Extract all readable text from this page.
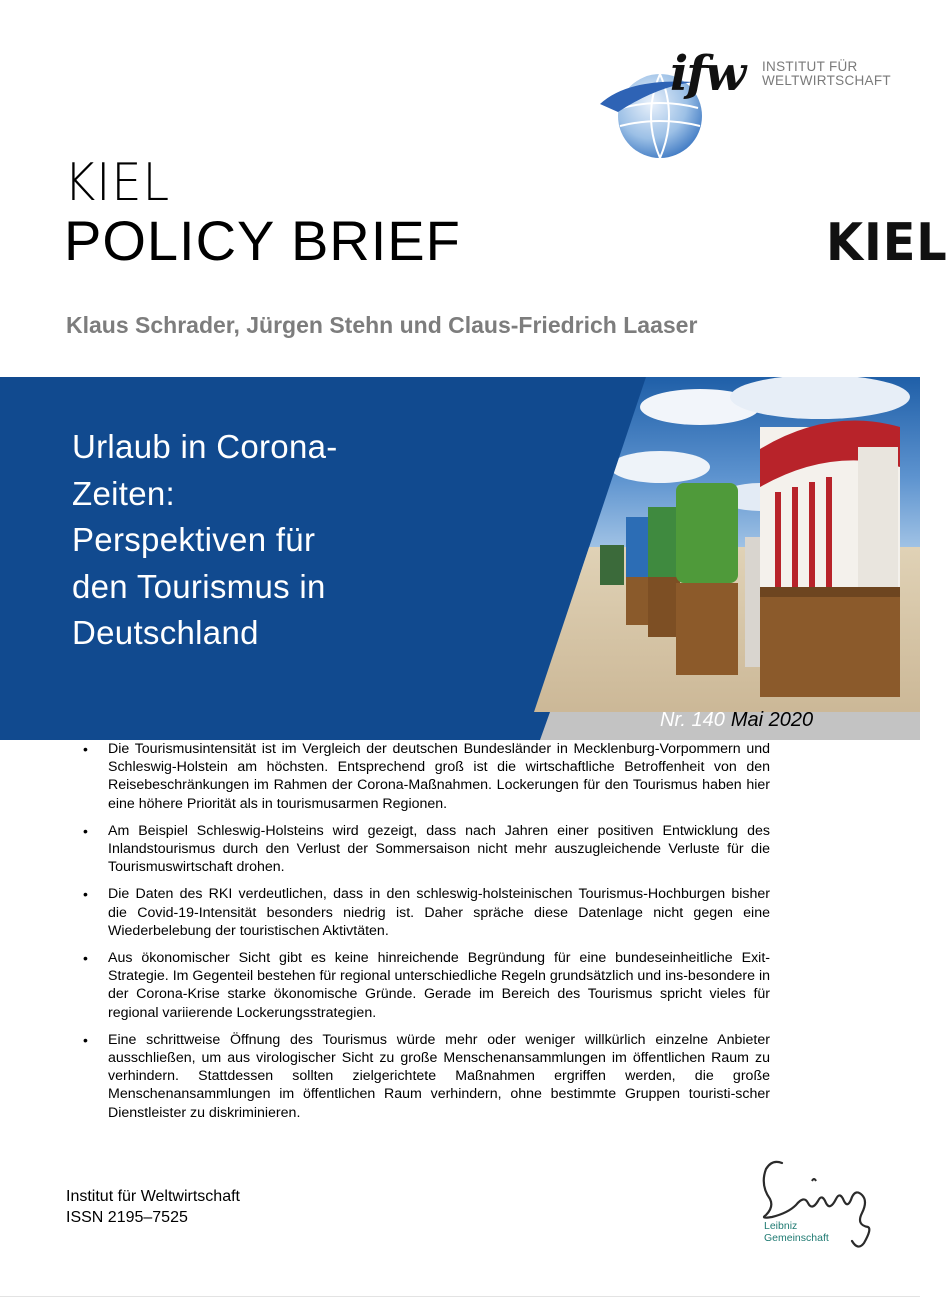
ifw
KIEL
INSTITUT FÜR
WELTWIRTSCHAFT
KIEL
POLICY BRIEF
Klaus Schrader, Jürgen Stehn und Claus-Friedrich Laaser
Urlaub in Corona-
Zeiten:
Perspektiven für
den Tourismus in
Deutschland
Nr. 140 Mai 2020
• Die Tourismusintensität ist im Vergleich der deutschen Bundesländer in Mecklenburg-Vorpommern und Schleswig-Holstein am höchsten. Entsprechend groß ist die wirtschaftliche Betroffenheit von den Reisebeschränkungen im Rahmen der Corona-Maßnahmen. Lockerungen für den Tourismus haben hier eine höhere Priorität als in tourismusarmen Regionen.
• Am Beispiel Schleswig-Holsteins wird gezeigt, dass nach Jahren einer positiven Entwicklung des Inlandstourismus durch den Verlust der Sommersaison nicht mehr auszugleichende Verluste für die Tourismuswirtschaft drohen.
• Die Daten des RKI verdeutlichen, dass in den schleswig-holsteinischen Tourismus-Hochburgen bisher die Covid-19-Intensität besonders niedrig ist. Daher spräche diese Datenlage nicht gegen eine Wiederbelebung der touristischen Aktivtäten.
• Aus ökonomischer Sicht gibt es keine hinreichende Begründung für eine bundeseinheitliche Exit-Strategie. Im Gegenteil bestehen für regional unterschiedliche Regeln grundsätzlich und ins-besondere in der Corona-Krise starke ökonomische Gründe. Gerade im Bereich des Tourismus spricht vieles für regional variierende Lockerungsstrategien.
• Eine schrittweise Öffnung des Tourismus würde mehr oder weniger willkürlich einzelne Anbieter ausschließen, um aus virologischer Sicht zu große Menschenansammlungen im öffentlichen Raum zu verhindern. Stattdessen sollten zielgerichtete Maßnahmen ergriffen werden, die große Menschenansammlungen im öffentlichen Raum verhindern, ohne bestimmte Gruppen touristi-scher Dienstleister zu diskriminieren.
Institut für Weltwirtschaft
ISSN 2195–7525	Leibniz
Gemeinschaft
